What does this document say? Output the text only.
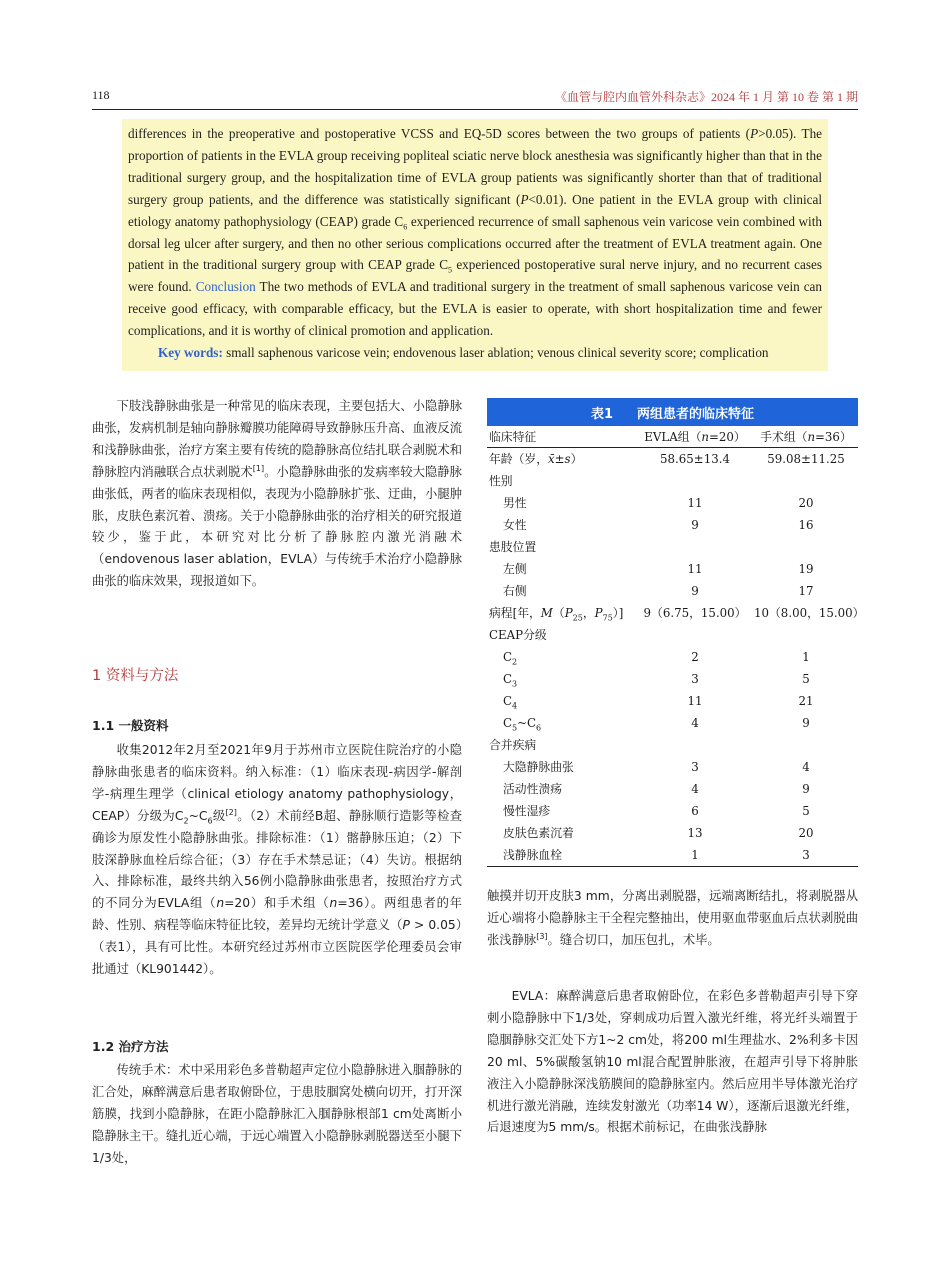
118	《血管与腔内血管外科杂志》2024 年 1 月 第 10 卷 第 1 期

differences in the preoperative and postoperative VCSS and EQ-5D scores between the two groups of patients (P>0.05). The proportion of patients in the EVLA group receiving popliteal sciatic nerve block anesthesia was significantly higher than that in the traditional surgery group, and the hospitalization time of EVLA group patients was significantly shorter than that of traditional surgery group patients, and the difference was statistically significant (P<0.01). One patient in the EVLA group with clinical etiology anatomy pathophysiology (CEAP) grade $C_6$ experienced recurrence of small saphenous vein varicose vein combined with dorsal leg ulcer after surgery, and then no other serious complications occurred after the treatment of EVLA treatment again. One patient in the traditional surgery group with CEAP grade $C_5$ experienced postoperative sural nerve injury, and no recurrent cases were found. Conclusion The two methods of EVLA and traditional surgery in the treatment of small saphenous varicose vein can receive good efficacy, with comparable efficacy, but the EVLA is easier to operate, with short hospitalization time and fewer complications, and it is worthy of clinical promotion and application.

Key words: small saphenous varicose vein; endovenous laser ablation; venous clinical severity score; complication

下肢浅静脉曲张是一种常见的临床表现，主要包括大、小隐静脉曲张，发病机制是轴向静脉瓣膜功能障碍导致静脉压升高、血液反流和浅静脉曲张，治疗方案主要有传统的隐静脉高位结扎联合剥脱术和静脉腔内消融联合点状剥脱术[1]。小隐静脉曲张的发病率较大隐静脉曲张低，两者的临床表现相似，表现为小隐静脉扩张、迂曲，小腿肿胀，皮肤色素沉着、溃疡。关于小隐静脉曲张的治疗相关的研究报道较少，鉴于此，本研究对比分析了静脉腔内激光消融术（endovenous laser ablation，EVLA）与传统手术治疗小隐静脉曲张的临床效果，现报道如下。

1 资料与方法
1.1 一般资料

收集2012年2月至2021年9月于苏州市立医院住院治疗的小隐静脉曲张患者的临床资料。纳入标准：（1）临床表现-病因学-解剖学-病理生理学（clinical etiology anatomy pathophysiology，CEAP）分级为$C_2\sim C_6$级[2]。（2）术前经B超、静脉顺行造影等检查确诊为原发性小隐静脉曲张。排除标准：（1）髂静脉压迫；（2）下肢深静脉血栓后综合征；（3）存在手术禁忌证；（4）失访。根据纳入、排除标准，最终共纳入56例小隐静脉曲张患者，按照治疗方式的不同分为EVLA组（n=20）和手术组（n=36）。两组患者的年龄、性别、病程等临床特征比较，差异均无统计学意义（P > 0.05）（表1），具有可比性。本研究经过苏州市立医院医学伦理委员会审批通过（KL901442）。

1.2 治疗方法

传统手术：术中采用彩色多普勒超声定位小隐静脉进入腘静脉的汇合处，麻醉满意后患者取俯卧位，于患肢腘窝处横向切开，打开深筋膜，找到小隐静脉，在距小隐静脉汇入腘静脉根部1 cm处离断小隐静脉主干。缝扎近心端，于远心端置入小隐静脉剥脱器送至小腿下1/3处，

表1 两组患者的临床特征
临床特征	EVLA组（n=20）	手术组（n=36）
年龄（岁，x̄±s）	58.65±13.4	59.08±11.25
性别
男性	11	20
女性	9	16
患肢位置
左侧	11	19
右侧	9	17
病程[年，$M(P_{25}$，$P_{75}$）]	9（6.75，15.00） 10（8.00，15.00）
CEAP分级
$C_2$	2	1
$C_3$	3	5
$C_4$	11	21
$C_5\sim C_6$	4	9
合并疾病
大隐静脉曲张	3	4
活动性溃疡	4	9
慢性湿疹	6	5
皮肤色素沉着	13	20
浅静脉血栓	1	3

触摸并切开皮肤3 mm，分离出剥脱器，远端离断结扎，将剥脱器从近心端将小隐静脉主干全程完整抽出，使用驱血带驱血后点状剥脱曲张浅静脉[3]。缝合切口，加压包扎，术毕。

EVLA：麻醉满意后患者取俯卧位，在彩色多普勒超声引导下穿刺小隐静脉中下1/3处，穿刺成功后置入激光纤维，将光纤头端置于隐腘静脉交汇处下方1~2 cm处，将200 ml生理盐水、2%利多卡因20 ml、5%碳酸氢钠10 ml混合配置肿胀液，在超声引导下将肿胀液注入小隐静脉深浅筋膜间的隐静脉室内。然后应用半导体激光治疗机进行激光消融，连续发射激光（功率14 W），逐渐后退激光纤维，后退速度为5 mm/s。根据术前标记，在曲张浅静脉
